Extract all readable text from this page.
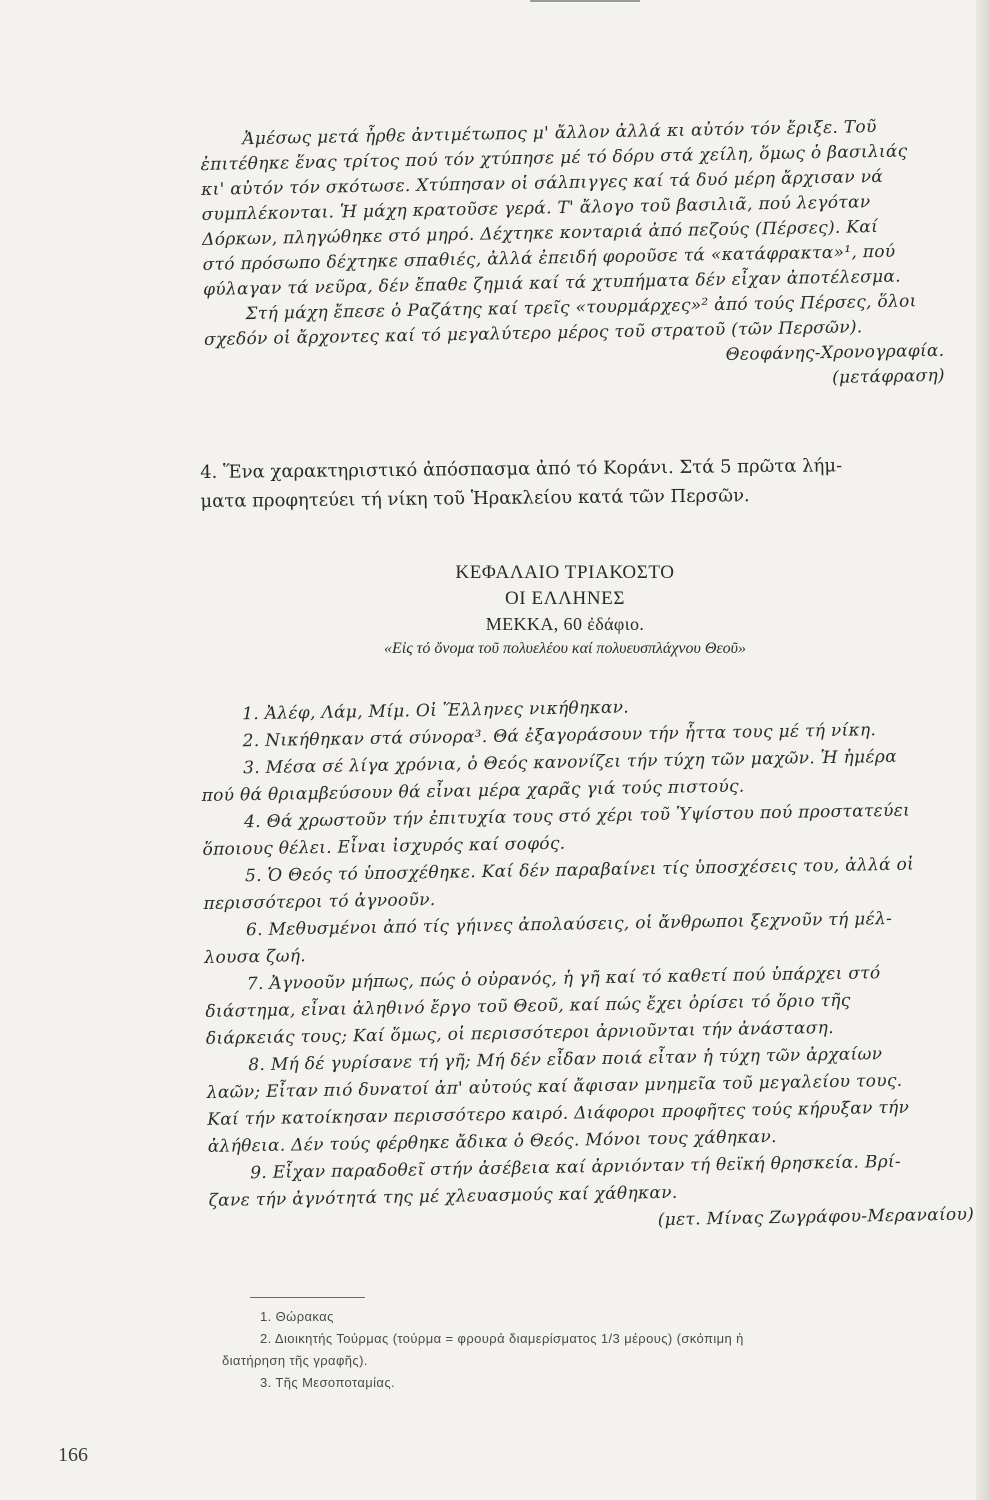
Ἀμέσως μετά ἦρθε ἀντιμέτωπος μ' ἄλλον ἀλλά κι αὐτόν τόν ἔριξε. Τοῦ
ἐπιτέθηκε ἕνας τρίτος πού τόν χτύπησε μέ τό δόρυ στά χείλη, ὅμως ὁ βασιλιάς
κι' αὐτόν τόν σκότωσε. Χτύπησαν οἱ σάλπιγγες καί τά δυό μέρη ἄρχισαν νά
συμπλέκονται. Ἡ μάχη κρατοῦσε γερά. Τ' ἄλογο τοῦ βασιλιᾶ, πού λεγόταν
Δόρκων, πληγώθηκε στό μηρό. Δέχτηκε κονταριά ἀπό πεζούς (Πέρσες). Καί
στό πρόσωπο δέχτηκε σπαθιές, ἀλλά ἐπειδή φοροῦσε τά «κατάφρακτα»¹, πού
φύλαγαν τά νεῦρα, δέν ἔπαθε ζημιά καί τά χτυπήματα δέν εἶχαν ἀποτέλεσμα.
Στή μάχη ἔπεσε ὁ Ραζάτης καί τρεῖς «τουρμάρχες»² ἀπό τούς Πέρσες, ὅλοι
σχεδόν οἱ ἄρχοντες καί τό μεγαλύτερο μέρος τοῦ στρατοῦ (τῶν Περσῶν).
Θεοφάνης-Χρονογραφία.
(μετάφραση)
4. Ἕνα χαρακτηριστικό ἀπόσπασμα ἀπό τό Κοράνι. Στά 5 πρῶτα λήμ-
ματα προφητεύει τή νίκη τοῦ Ἡρακλείου κατά τῶν Περσῶν.
ΚΕΦΑΛΑΙΟ ΤΡΙΑΚΟΣΤΟ
ΟΙ ΕΛΛΗΝΕΣ
ΜΕΚΚΑ, 60 ἐδάφιο.
«Εἰς τό ὄνομα τοῦ πολυελέου καί πολυευσπλάχνου Θεοῦ»
1. Ἀλέφ, Λάμ, Μίμ. Οἱ Ἕλληνες νικήθηκαν.
2. Νικήθηκαν στά σύνορα³. Θά ἐξαγοράσουν τήν ἧττα τους μέ τή νίκη.
3. Μέσα σέ λίγα χρόνια, ὁ Θεός κανονίζει τήν τύχη τῶν μαχῶν. Ἡ ἡμέρα
πού θά θριαμβεύσουν θά εἶναι μέρα χαρᾶς γιά τούς πιστούς.
4. Θά χρωστοῦν τήν ἐπιτυχία τους στό χέρι τοῦ Ὑψίστου πού προστατεύει
ὅποιους θέλει. Εἶναι ἰσχυρός καί σοφός.
5. Ὁ Θεός τό ὑποσχέθηκε. Καί δέν παραβαίνει τίς ὑποσχέσεις του, ἀλλά οἱ
περισσότεροι τό ἀγνοοῦν.
6. Μεθυσμένοι ἀπό τίς γήινες ἀπολαύσεις, οἱ ἄνθρωποι ξεχνοῦν τή μέλ-
λουσα ζωή.
7. Ἀγνοοῦν μήπως, πώς ὁ οὐρανός, ἡ γῆ καί τό καθετί πού ὑπάρχει στό
διάστημα, εἶναι ἀληθινό ἔργο τοῦ Θεοῦ, καί πώς ἔχει ὁρίσει τό ὅριο τῆς
διάρκειάς τους; Καί ὅμως, οἱ περισσότεροι ἀρνιοῦνται τήν ἀνάσταση.
8. Μή δέ γυρίσανε τή γῆ; Μή δέν εἶδαν ποιά εἶταν ἡ τύχη τῶν ἀρχαίων
λαῶν; Εἶταν πιό δυνατοί ἀπ' αὐτούς καί ἄφισαν μνημεῖα τοῦ μεγαλείου τους.
Καί τήν κατοίκησαν περισσότερο καιρό. Διάφοροι προφῆτες τούς κήρυξαν τήν
ἀλήθεια. Δέν τούς φέρθηκε ἄδικα ὁ Θεός. Μόνοι τους χάθηκαν.
9. Εἶχαν παραδοθεῖ στήν ἀσέβεια καί ἀρνιόνταν τή θεϊκή θρησκεία. Βρί-
ζανε τήν ἀγνότητά της μέ χλευασμούς καί χάθηκαν.
(μετ. Μίνας Ζωγράφου-Μεραναίου)
1. Θώρακας
2. Διοικητής Τούρμας (τούρμα = φρουρά διαμερίσματος 1/3 μέρους) (σκόπιμη ἡ
διατήρηση τῆς γραφῆς).
3. Τῆς Μεσοποταμίας.
166
